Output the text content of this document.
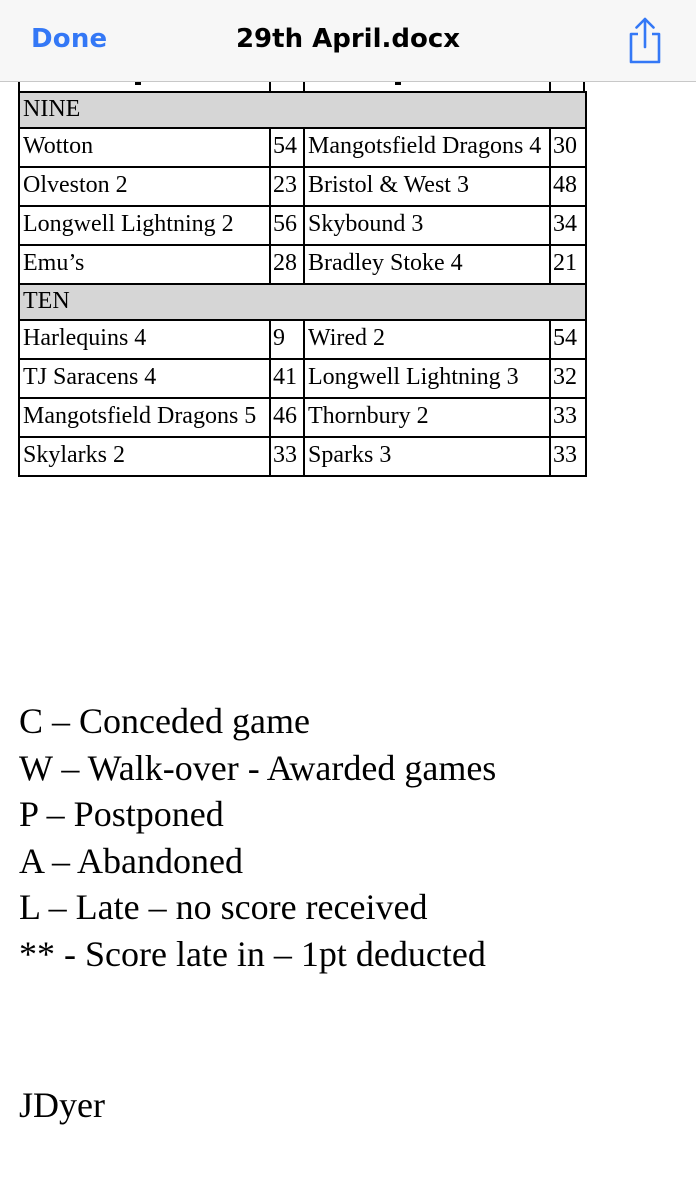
Done	29th April.docx
NINE			
Wotton	54	Mangotsfield Dragons 4	30
Olveston 2	23	Bristol & West 3	48
Longwell Lightning 2	56	Skybound 3	34
Emu’s	28	Bradley Stoke 4	21
TEN			
Harlequins 4	9	Wired 2	54
TJ Saracens 4	41	Longwell Lightning 3	32
Mangotsfield Dragons 5	46	Thornbury 2	33
Skylarks 2	33	Sparks 3	33
C – Conceded game
W – Walk-over - Awarded games
P – Postponed
A – Abandoned
L – Late – no score received
** - Score late in – 1pt deducted
JDyer
